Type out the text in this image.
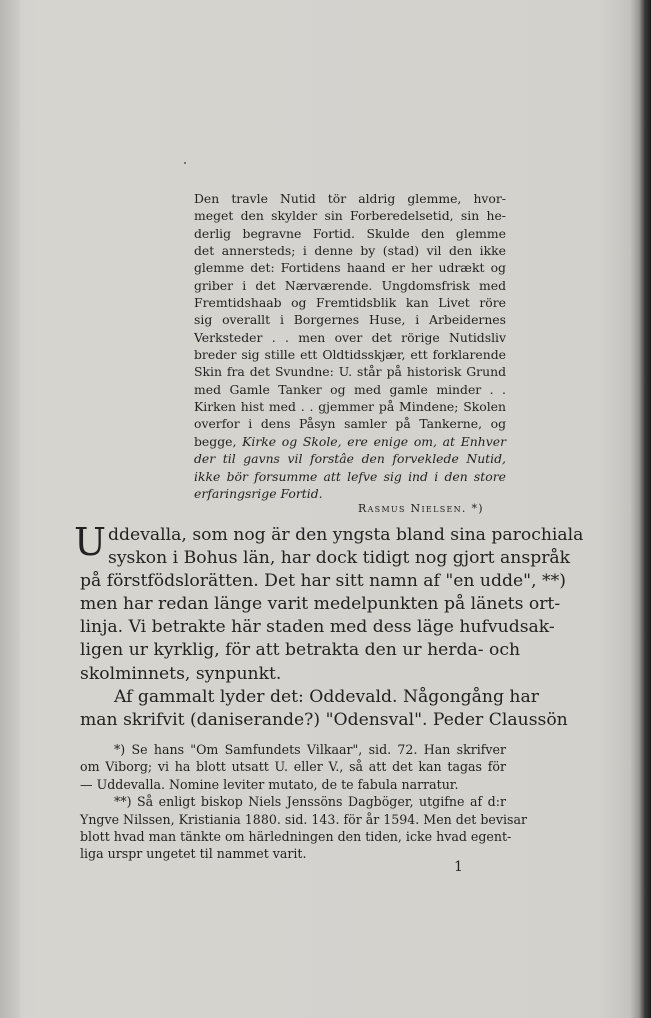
Den travle Nutid tör aldrig glemme, hvor-
meget den skylder sin Forberedelsetid, sin he-
derlig begravne Fortid. Skulde den glemme
det annersteds; i denne by (stad) vil den ikke
glemme det: Fortidens haand er her udrækt og
griber i det Nærværende. Ungdomsfrisk med
Fremtidshaab og Fremtidsblik kan Livet röre
sig overallt i Borgernes Huse, i Arbeidernes
Verksteder . . men over det rörige Nutidsliv
breder sig stille ett Oldtidsskjær, ett forklarende
Skin fra det Svundne: U. står på historisk Grund
med Gamle Tanker og med gamle minder . .
Kirken hist med . . gjemmer på Mindene; Skolen
overfor i dens Påsyn samler på Tankerne, og
begge, Kirke og Skole, ere enige om, at Enhver
der til gavns vil forstâe den forveklede Nutid,
ikke bör forsumme att lefve sig ind i den store
erfaringsrige Fortid.
Rasmus Nielsen. *)
U ddevalla, som nog är den yngsta bland sina parochiala
syskon i Bohus län, har dock tidigt nog gjort anspråk
på förstfödslorätten. Det har sitt namn af "en udde", **)
men har redan länge varit medelpunkten på länets ort-
linja. Vi betrakte här staden med dess läge hufvudsak-
ligen ur kyrklig, för att betrakta den ur herda- och
skolminnets, synpunkt.
Af gammalt lyder det: Oddevald. Någongång har
man skrifvit (daniserande?) "Odensval". Peder Claussön
*) Se hans "Om Samfundets Vilkaar", sid. 72. Han skrifver
om Viborg; vi ha blott utsatt U. eller V., så att det kan tagas för
— Uddevalla. Nomine leviter mutato, de te fabula narratur.
**) Så enligt biskop Niels Jenssöns Dagböger, utgifne af d:r
Yngve Nilssen, Kristiania 1880. sid. 143. för år 1594. Men det bevisar
blott hvad man tänkte om härledningen den tiden, icke hvad egent-
liga urspr ungetet til nammet varit.
1
